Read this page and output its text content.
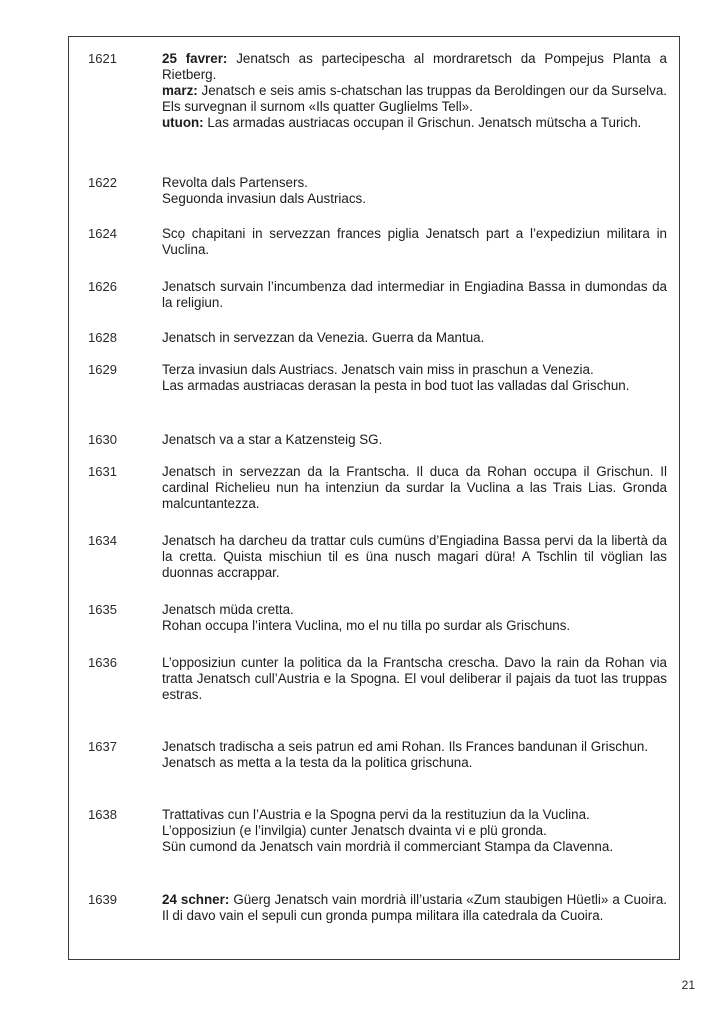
1621	25 favrer: Jenatsch as partecipescha al mordraretsch da Pompejus Planta a Rietberg.
marz: Jenatsch e seis amis s-chatschan las truppas da Beroldingen our da Surselva. Els survegnan il surnom «Ils quatter Guglielms Tell».
utuon: Las armadas austriacas occupan il Grischun. Jenatsch mütscha a Turich.
1622	Revolta dals Partensers.
Seguonda invasiun dals Austriacs.
1624	Scọ chapitani in servezzan frances piglia Jenatsch part a l’expediziun militara in Vuclina.
1626	Jenatsch survain l’incumbenza dad intermediar in Engiadina Bassa in dumondas da la religiun.
1628	Jenatsch in servezzan da Venezia. Guerra da Mantua.
1629	Terza invasiun dals Austriacs. Jenatsch vain miss in praschun a Venezia.
Las armadas austriacas derasan la pesta in bod tuot las valladas dal Grischun.
1630	Jenatsch va a star a Katzensteig SG.
1631	Jenatsch in servezzan da la Frantscha. Il duca da Rohan occupa il Grischun. Il cardinal Richelieu nun ha intenziun da surdar la Vuclina a las Trais Lias. Gronda malcuntantezza.
1634	Jenatsch ha darcheu da trattar culs cumüns d’Engiadina Bassa pervi da la libertà da la cretta. Quista mischiun til es üna nusch magari düra! A Tschlin til vöglian las duonnas accrappar.
1635	Jenatsch müda cretta.
Rohan occupa l’intera Vuclina, mo el nu tilla po surdar als Grischuns.
1636	L’opposiziun cunter la politica da la Frantscha crescha. Davo la rain da Rohan via tratta Jenatsch cull’Austria e la Spogna. El voul deliberar il pajais da tuot las truppas estras.
1637	Jenatsch tradischa a seis patrun ed ami Rohan. Ils Frances bandunan il Grischun.
Jenatsch as metta a la testa da la politica grischuna.
1638	Trattativas cun l’Austria e la Spogna pervi da la restituziun da la Vuclina.
L’opposiziun (e l’invilgia) cunter Jenatsch dvainta vi e plü gronda.
Sün cumond da Jenatsch vain mordrià il commerciant Stampa da Clavenna.
1639	24 schner: Güerg Jenatsch vain mordrià ill’ustaria «Zum staubigen Hüetli» a Cuoira. Il di davo vain el sepuli cun gronda pumpa militara illa catedrala da Cuoira.
21
